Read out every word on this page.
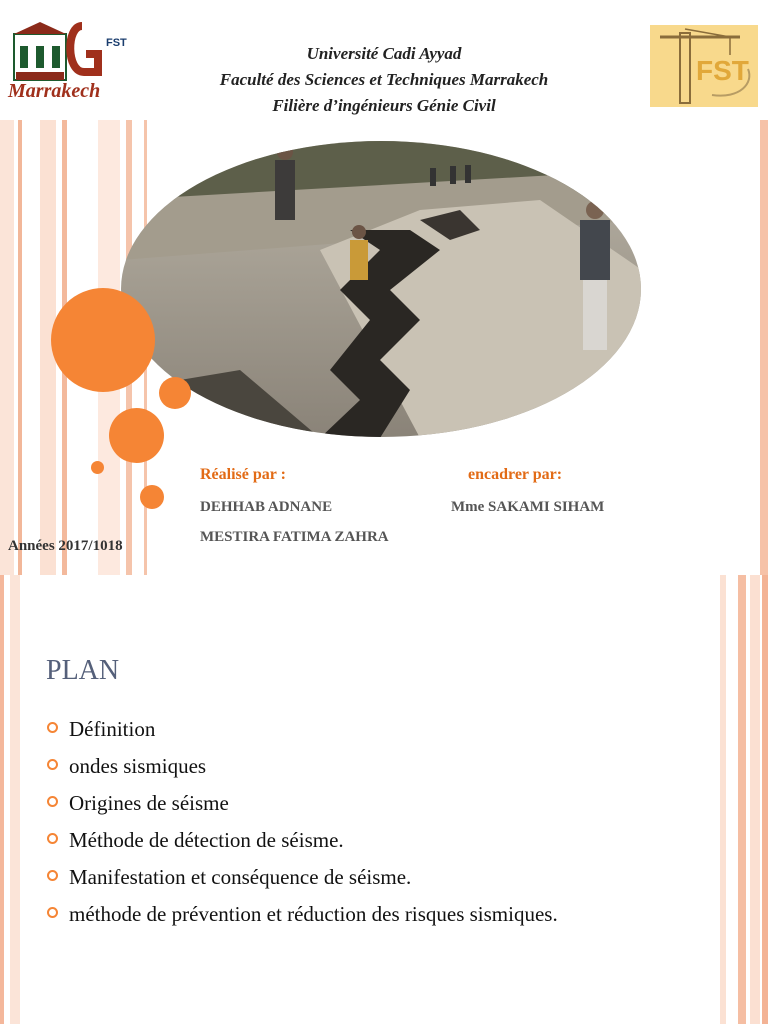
FST
Marrakech
FST
Université Cadi Ayyad
Faculté des Sciences et Techniques Marrakech
Filière d’ingénieurs Génie Civil
Réalisé par :	encadrer par:
DEHHAB ADNANE
MESTIRA FATIMA ZAHRA
Mme SAKAMI SIHAM
Années 2017/1018
PLAN
Définition
ondes sismiques
Origines de séisme
Méthode de détection de séisme.
Manifestation et conséquence de séisme.
méthode de prévention et réduction des risques sismiques.
